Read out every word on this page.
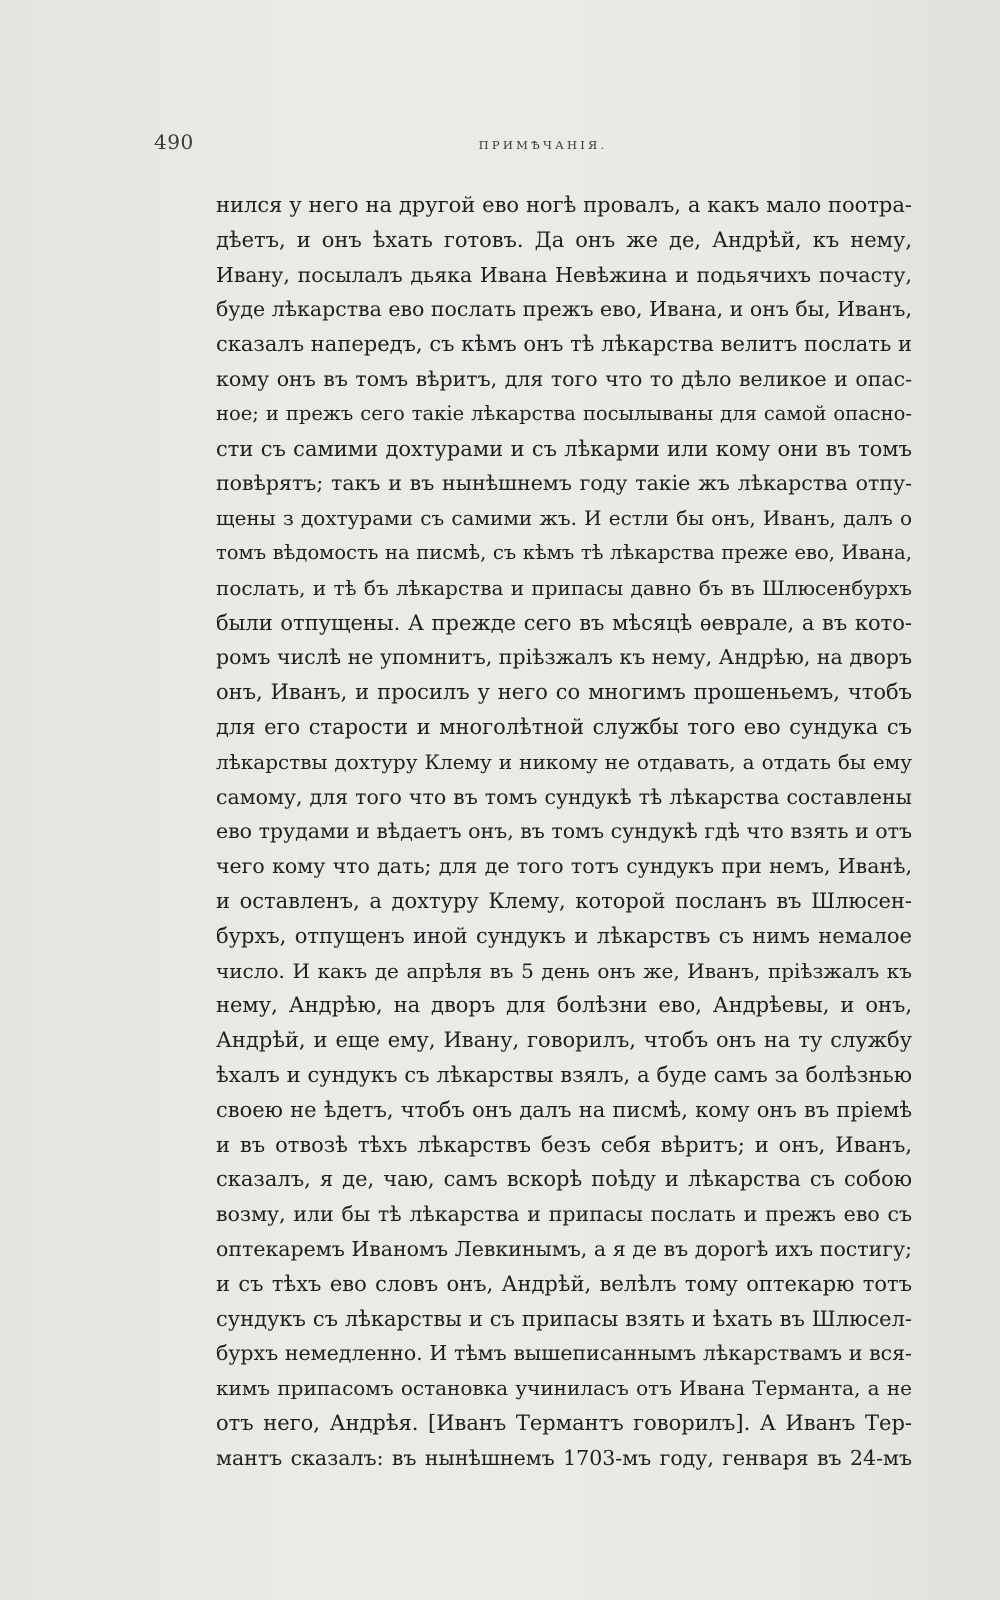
490	ПРИМѢЧАНІЯ.
нился у него на другой ево ногѣ провалъ, а какъ мало поотра-
дѣетъ, и онъ ѣхать готовъ. Да онъ же де, Андрѣй, къ нему,
Ивану, посылалъ дьяка Ивана Невѣжина и подьячихъ почасту,
буде лѣкарства ево послать прежъ ево, Ивана, и онъ бы, Иванъ,
сказалъ напередъ, съ кѣмъ онъ тѣ лѣкарства велитъ послать и
кому онъ въ томъ вѣритъ, для того что то дѣло великое и опас-
ное; и прежъ сего такіе лѣкарства посылываны для самой опасно-
сти съ самими дохтурами и съ лѣкарми или кому они въ томъ
повѣрятъ; такъ и въ нынѣшнемъ году такіе жъ лѣкарства отпу-
щены з дохтурами съ самими жъ. И естли бы онъ, Иванъ, далъ о
томъ вѣдомость на писмѣ, съ кѣмъ тѣ лѣкарства преже ево, Ивана,
послать, и тѣ бъ лѣкарства и припасы давно бъ въ Шлюсенбурхъ
были отпущены. А прежде сего въ мѣсяцѣ ѳеврале, а въ кото-
ромъ числѣ не упомнитъ, пріѣзжалъ къ нему, Андрѣю, на дворъ
онъ, Иванъ, и просилъ у него со многимъ прошеньемъ, чтобъ
для его старости и многолѣтной службы того ево сундука съ
лѣкарствы дохтуру Клему и никому не отдавать, а отдать бы ему
самому, для того что въ томъ сундукѣ тѣ лѣкарства составлены
ево трудами и вѣдаетъ онъ, въ томъ сундукѣ гдѣ что взять и отъ
чего кому что дать; для де того тотъ сундукъ при немъ, Иванѣ,
и оставленъ, а дохтуру Клему, которой посланъ въ Шлюсен-
бурхъ, отпущенъ иной сундукъ и лѣкарствъ съ нимъ немалое
число. И какъ де апрѣля въ 5 день онъ же, Иванъ, пріѣзжалъ къ
нему, Андрѣю, на дворъ для болѣзни ево, Андрѣевы, и онъ,
Андрѣй, и еще ему, Ивану, говорилъ, чтобъ онъ на ту службу
ѣхалъ и сундукъ съ лѣкарствы взялъ, а буде самъ за болѣзнью
своею не ѣдетъ, чтобъ онъ далъ на писмѣ, кому онъ въ пріемѣ
и въ отвозѣ тѣхъ лѣкарствъ безъ себя вѣритъ; и онъ, Иванъ,
сказалъ, я де, чаю, самъ вскорѣ поѣду и лѣкарства съ собою
возму, или бы тѣ лѣкарства и припасы послать и прежъ ево съ
оптекаремъ Иваномъ Левкинымъ, а я де въ дорогѣ ихъ постигу;
и съ тѣхъ ево словъ онъ, Андрѣй, велѣлъ тому оптекарю тотъ
сундукъ съ лѣкарствы и съ припасы взять и ѣхать въ Шлюсел-
бурхъ немедленно. И тѣмъ вышеписаннымъ лѣкарствамъ и вся-
кимъ припасомъ остановка учиниласъ отъ Ивана Термантa, а не
отъ него, Андрѣя. [Иванъ Термантъ говорилъ]. А Иванъ Тер-
мантъ сказалъ: въ нынѣшнемъ 1703-мъ году, генваря въ 24-мъ
